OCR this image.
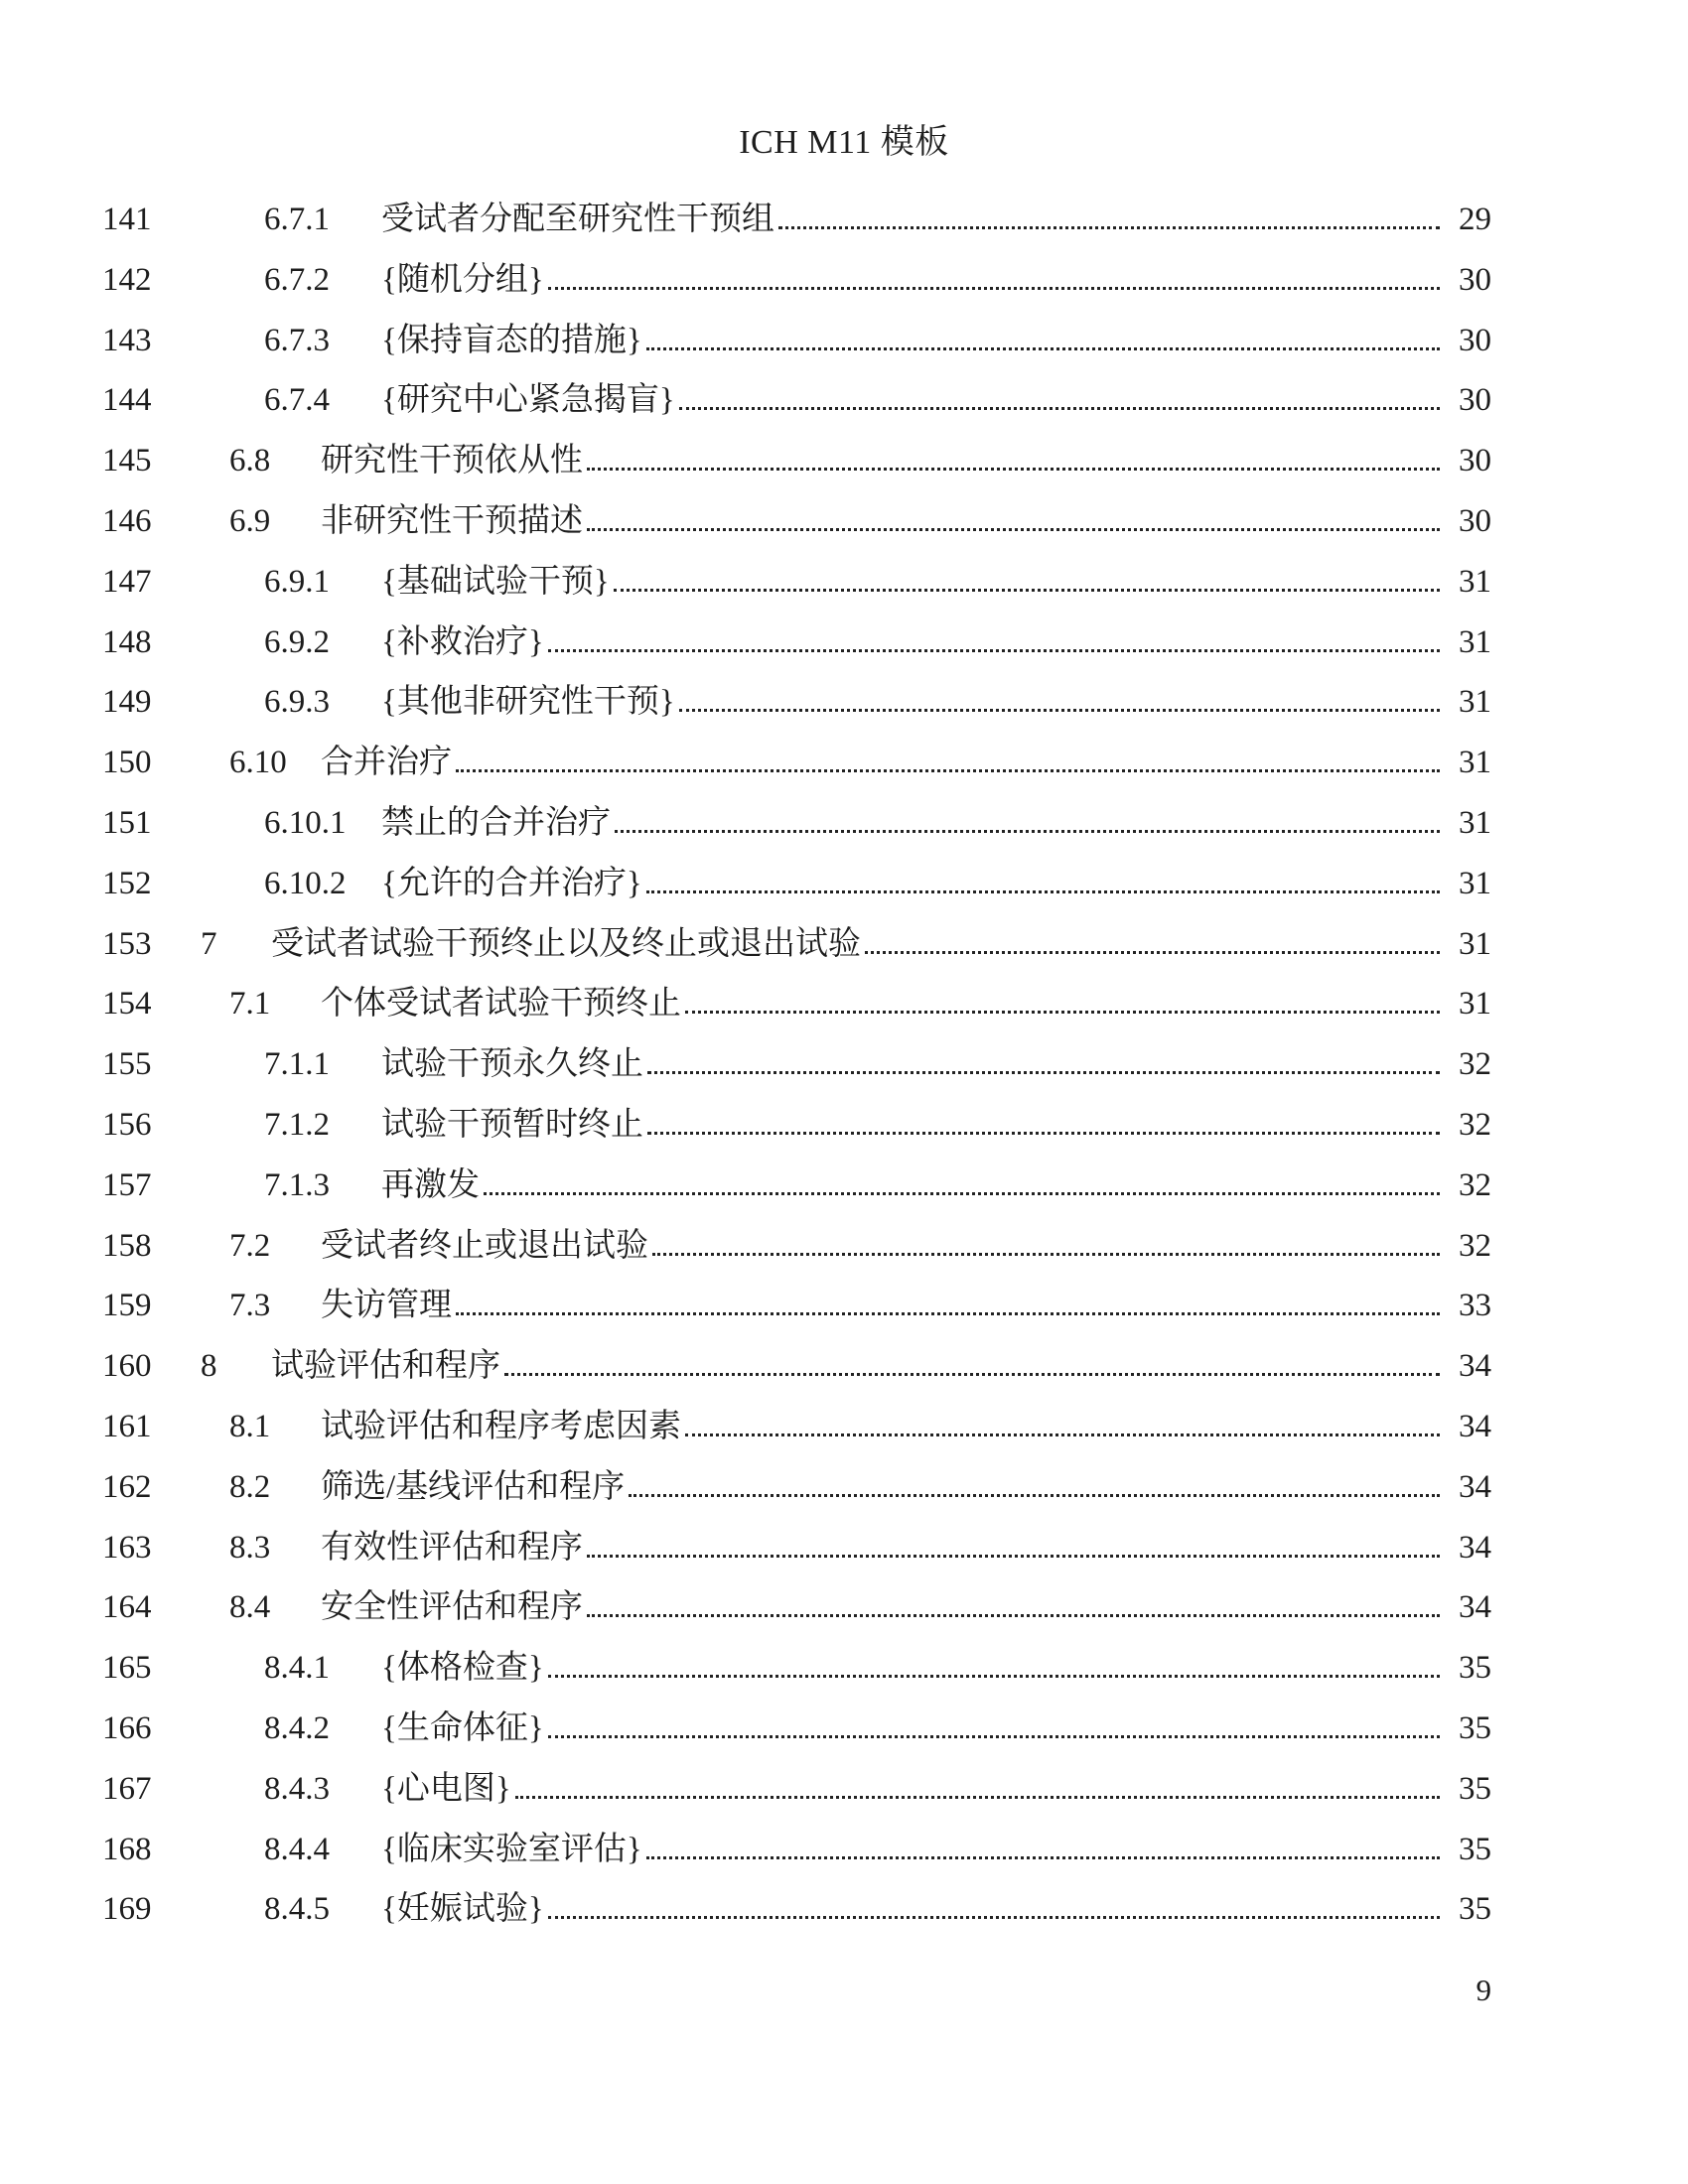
ICH M11 模板
141	6.7.1	受试者分配至研究性干预组	29
142	6.7.2	{随机分组}	30
143	6.7.3	{保持盲态的措施}	30
144	6.7.4	{研究中心紧急揭盲}	30
145	6.8	研究性干预依从性	30
146	6.9	非研究性干预描述	30
147	6.9.1	{基础试验干预}	31
148	6.9.2	{补救治疗}	31
149	6.9.3	{其他非研究性干预}	31
150	6.10	合并治疗	31
151	6.10.1	禁止的合并治疗	31
152	6.10.2	{允许的合并治疗}	31
153	7	受试者试验干预终止以及终止或退出试验	31
154	7.1	个体受试者试验干预终止	31
155	7.1.1	试验干预永久终止	32
156	7.1.2	试验干预暂时终止	32
157	7.1.3	再激发	32
158	7.2	受试者终止或退出试验	32
159	7.3	失访管理	33
160	8	试验评估和程序	34
161	8.1	试验评估和程序考虑因素	34
162	8.2	筛选/基线评估和程序	34
163	8.3	有效性评估和程序	34
164	8.4	安全性评估和程序	34
165	8.4.1	{体格检查}	35
166	8.4.2	{生命体征}	35
167	8.4.3	{心电图}	35
168	8.4.4	{临床实验室评估}	35
169	8.4.5	{妊娠试验}	35
9
